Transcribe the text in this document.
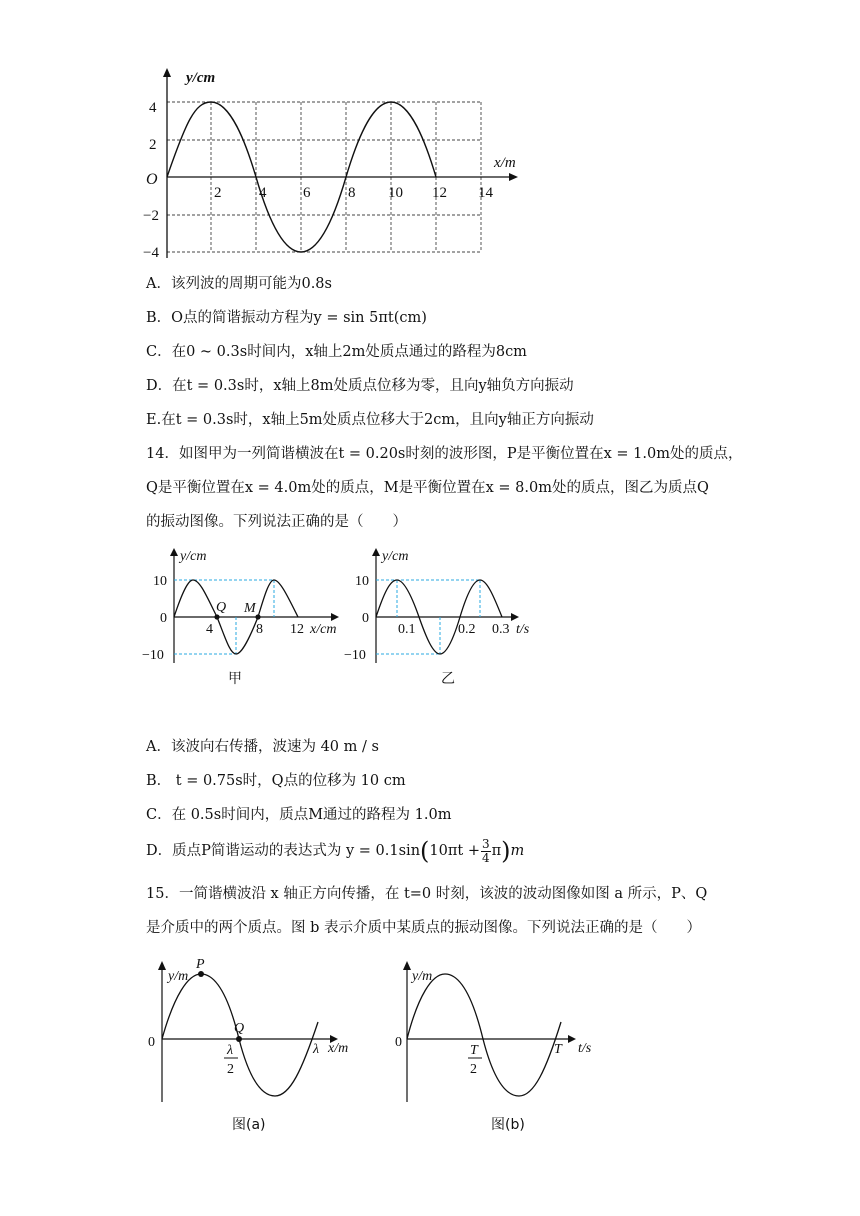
y/cm
x/m
O
4
2
−2
−4
2	4 6	8 10 12 14
A．该列波的周期可能为0.8s
B．O点的简谐振动方程为y = sin 5πt(cm)
C．在0 ~ 0.3s时间内，x轴上2m处质点通过的路程为8cm
D．在t = 0.3s时，x轴上8m处质点位移为零，且向y轴负方向振动
E.在t = 0.3s时，x轴上5m处质点位移大于2cm，且向y轴正方向振动
14．如图甲为一列简谐横波在t = 0.20s时刻的波形图，P是平衡位置在x = 1.0m处的质点，
Q是平衡位置在x = 4.0m处的质点，M是平衡位置在x = 8.0m处的质点，图乙为质点Q
的振动图像。下列说法正确的是（　　）
y/cm
x/cm
10
0
−10
4	8 12
Q M
甲
y/cm
t/s
10
0
−10
0.1	0.2 0.3
乙
A．该波向右传播，波速为 40 m / s
B． t = 0.75s时，Q点的位移为 10 cm
C．在 0.5s时间内，质点M通过的路程为 1.0m
D．质点P简谐运动的表达式为 $y = 0.1\sin(10\pi t + \frac{3}{4} \pi)m$
15．一简谐横波沿 x 轴正方向传播，在 t=0 时刻，该波的波动图像如图 a 所示，P、Q
是介质中的两个质点。图 b 表示介质中某质点的振动图像。下列说法正确的是（　　）
y/m
x/m
0
P
Q
λ
2
λ
图(a)
y/m
t/s
0
T
2
T
图(b)
